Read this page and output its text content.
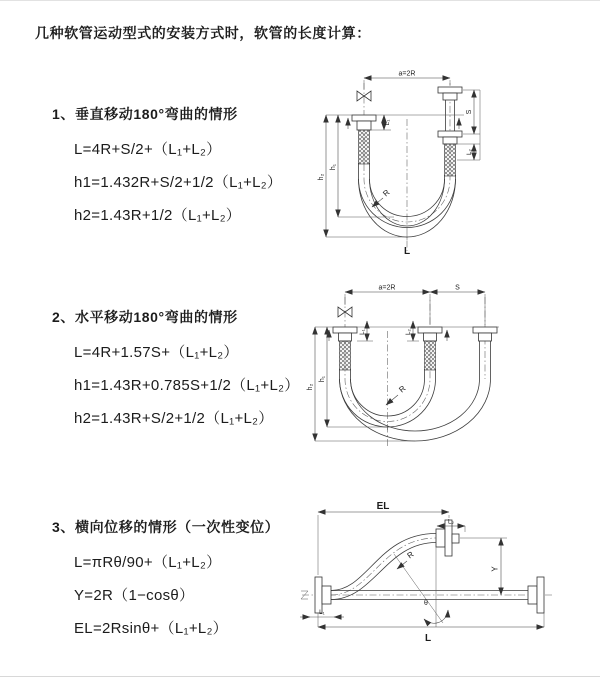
几种软管运动型式的安装方式时，软管的长度计算：

1、垂直移动180°弯曲的情形

L=4R+S/2+（L₁+L₂）

h1=1.432R+S/2+1/2（L₁+L₂）

h2=1.43R+1/2（L₁+L₂）

2、水平移动180°弯曲的情形

L=4R+1.57S+（L₁+L₂）

h1=1.43R+0.785S+1/2（L₁+L₂）

h2=1.43R+S/2+1/2（L₁+L₂）

3、横向位移的情形（一次性变位）

L=πRθ/90+（L₁+L₂）

Y=2R（1−cosθ）

EL=2Rsinθ+（L₁+L₂）

a=2R
h₂
h₁
L₁
S
L₂
R
L
a=2R	S
h₂
h₁
L₁	L₂
R
EL
L₂
R
Y
θ
L₁
L
